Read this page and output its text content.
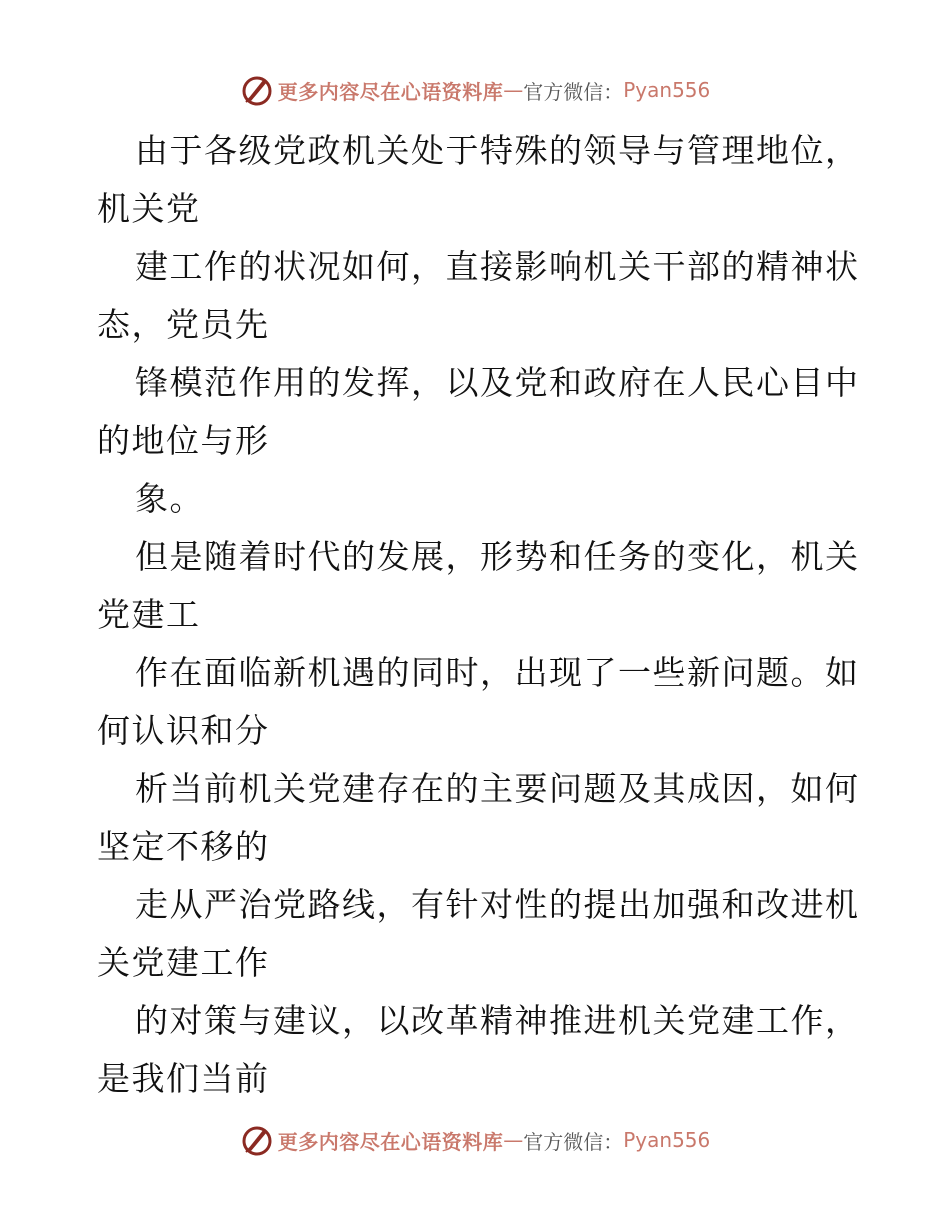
更多内容尽在心语资料库 — 官方微信： Pyan556
由于各级党政机关处于特殊的领导与管理地位，
机关党
建工作的状况如何，直接影响机关干部的精神状
态，党员先
锋模范作用的发挥，以及党和政府在人民心目中
的地位与形
象。
但是随着时代的发展，形势和任务的变化，机关
党建工
作在面临新机遇的同时，出现了一些新问题。如
何认识和分
析当前机关党建存在的主要问题及其成因，如何
坚定不移的
走从严治党路线，有针对性的提出加强和改进机
关党建工作
的对策与建议，以改革精神推进机关党建工作，
是我们当前
更多内容尽在心语资料库 — 官方微信： Pyan556
